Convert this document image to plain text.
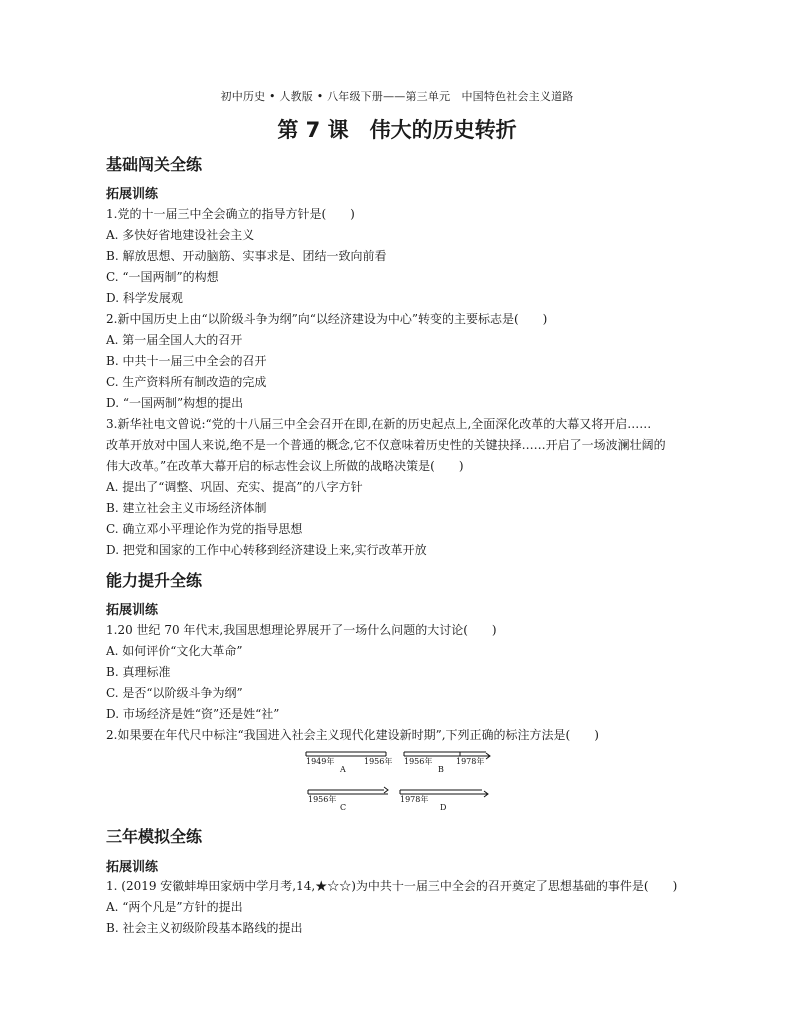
初中历史 • 人教版 • 八年级下册——第三单元　中国特色社会主义道路
第 7 课　伟大的历史转折
基础闯关全练
拓展训练
1.党的十一届三中全会确立的指导方针是(　　)
A. 多快好省地建设社会主义
B. 解放思想、开动脑筋、实事求是、团结一致向前看
C. “一国两制”的构想
D. 科学发展观
2.新中国历史上由“以阶级斗争为纲”向“以经济建设为中心”转变的主要标志是(　　)
A. 第一届全国人大的召开
B. 中共十一届三中全会的召开
C. 生产资料所有制改造的完成
D. “一国两制”构想的提出
3.新华社电文曾说:“党的十八届三中全会召开在即,在新的历史起点上,全面深化改革的大幕又将开启……
改革开放对中国人来说,绝不是一个普通的概念,它不仅意味着历史性的关键抉择……开启了一场波澜壮阔的
伟大改革。”在改革大幕开启的标志性会议上所做的战略决策是(　　)
A. 提出了“调整、巩固、充实、提高”的八字方针
B. 建立社会主义市场经济体制
C. 确立邓小平理论作为党的指导思想
D. 把党和国家的工作中心转移到经济建设上来,实行改革开放
能力提升全练
拓展训练
1.20 世纪 70 年代末,我国思想理论界展开了一场什么问题的大讨论(　　)
A. 如何评价“文化大革命”
B. 真理标准
C. 是否“以阶级斗争为纲”
D. 市场经济是姓“资”还是姓“社”
2.如果要在年代尺中标注“我国进入社会主义现代化建设新时期”,下列正确的标注方法是(　　)
1949年	1956年
A
1956年	1978年
B
1956年
C
1978年
D
三年模拟全练
拓展训练
1. (2019 安徽蚌埠田家炳中学月考,14,★☆☆)为中共十一届三中全会的召开奠定了思想基础的事件是(　　)
A. “两个凡是”方针的提出
B. 社会主义初级阶段基本路线的提出
